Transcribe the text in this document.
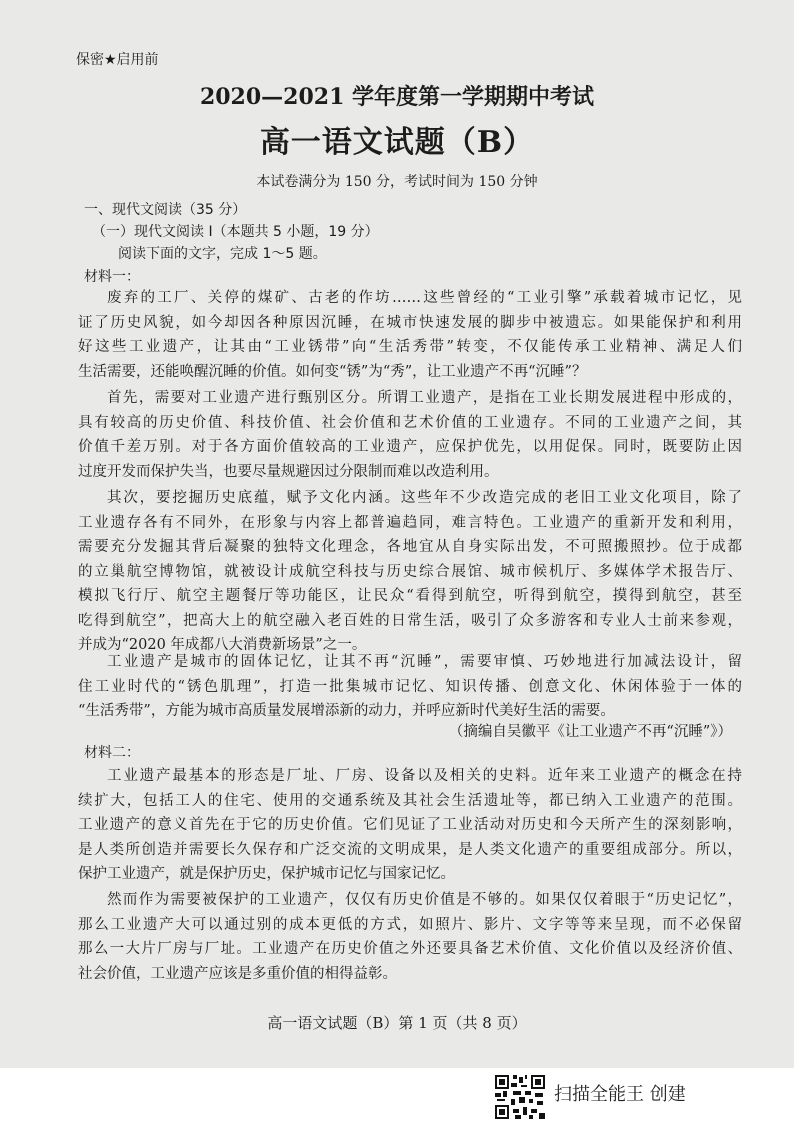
保密★启用前
2020—2021 学年度第一学期期中考试
高一语文试题（B）
本试卷满分为 150 分，考试时间为 150 分钟
一、现代文阅读（35 分）
（一）现代文阅读 Ⅰ（本题共 5 小题，19 分）
阅读下面的文字，完成 1～5 题。
材料一：
废弃的工厂、关停的煤矿、古老的作坊……这些曾经的“工业引擎”承载着城市记忆，见
证了历史风貌，如今却因各种原因沉睡，在城市快速发展的脚步中被遗忘。如果能保护和利用
好这些工业遗产，让其由“工业锈带”向“生活秀带”转变，不仅能传承工业精神、满足人们
生活需要，还能唤醒沉睡的价值。如何变“锈”为“秀”，让工业遗产不再“沉睡”？
首先，需要对工业遗产进行甄别区分。所谓工业遗产，是指在工业长期发展进程中形成的，
具有较高的历史价值、科技价值、社会价值和艺术价值的工业遗存。不同的工业遗产之间，其
价值千差万别。对于各方面价值较高的工业遗产，应保护优先，以用促保。同时，既要防止因
过度开发而保护失当，也要尽量规避因过分限制而难以改造利用。
其次，要挖掘历史底蕴，赋予文化内涵。这些年不少改造完成的老旧工业文化项目，除了
工业遗存各有不同外，在形象与内容上都普遍趋同，难言特色。工业遗产的重新开发和利用，
需要充分发掘其背后凝聚的独特文化理念，各地宜从自身实际出发，不可照搬照抄。位于成都
的立巢航空博物馆，就被设计成航空科技与历史综合展馆、城市候机厅、多媒体学术报告厅、
模拟飞行厅、航空主题餐厅等功能区，让民众“看得到航空，听得到航空，摸得到航空，甚至
吃得到航空”，把高大上的航空融入老百姓的日常生活，吸引了众多游客和专业人士前来参观，
并成为“2020 年成都八大消费新场景”之一。
工业遗产是城市的固体记忆，让其不再“沉睡”，需要审慎、巧妙地进行加减法设计，留
住工业时代的“锈色肌理”，打造一批集城市记忆、知识传播、创意文化、休闲体验于一体的
“生活秀带”，方能为城市高质量发展增添新的动力，并呼应新时代美好生活的需要。
（摘编自吴徽平《让工业遗产不再“沉睡”》）
材料二：
工业遗产最基本的形态是厂址、厂房、设备以及相关的史料。近年来工业遗产的概念在持
续扩大，包括工人的住宅、使用的交通系统及其社会生活遗址等，都已纳入工业遗产的范围。
工业遗产的意义首先在于它的历史价值。它们见证了工业活动对历史和今天所产生的深刻影响，
是人类所创造并需要长久保存和广泛交流的文明成果，是人类文化遗产的重要组成部分。所以，
保护工业遗产，就是保护历史，保护城市记忆与国家记忆。
然而作为需要被保护的工业遗产，仅仅有历史价值是不够的。如果仅仅着眼于“历史记忆”，
那么工业遗产大可以通过别的成本更低的方式，如照片、影片、文字等等来呈现，而不必保留
那么一大片厂房与厂址。工业遗产在历史价值之外还要具备艺术价值、文化价值以及经济价值、
社会价值，工业遗产应该是多重价值的相得益彰。
高一语文试题（B）第 1 页（共 8 页）
扫描全能王 创建
